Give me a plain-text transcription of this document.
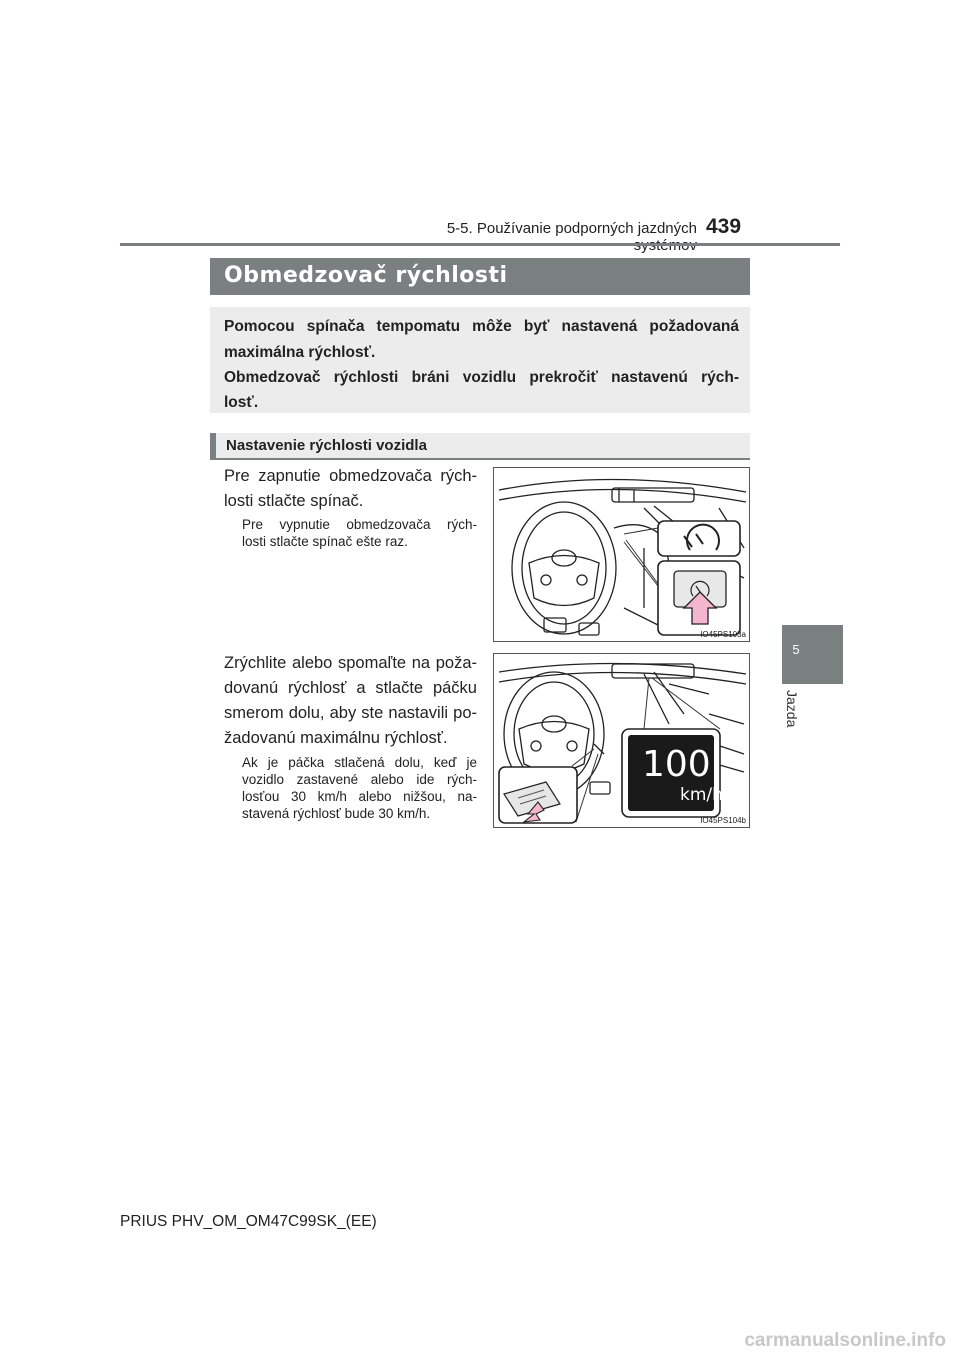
5-5. Používanie podporných jazdných 439
5
Jazda
Obmedzovač rýchlosti

Pomocou spínača tempomatu môže byť nastavená požadovaná

maximálna rýchlosť.

Obmedzovač rýchlosti bráni vozidlu prekročiť nastavenú rých-

losť.

Nastavenie rýchlosti vozidla
Pre zapnutie obmedzovača rých-
losti stlačte spínač.
Pre vypnutie obmedzovača rých-
losti stlačte spínač ešte raz.
IO45PS103a
Zrýchlite alebo spomaľte na poža-
dovanú rýchlosť a stlačte páčku
smerom dolu, aby ste nastavili po-
žadovanú maximálnu rýchlosť.
Ak je páčka stlačená dolu, keď je
vozidlo zastavené alebo ide rých-
losťou 30 km/h alebo nižšou, na-
stavená rýchlosť bude 30 km/h.
100
km/h
IO45PS104b
PRIUS PHV_OM_OM47C99SK_(EE)
carmanualsonline.info
